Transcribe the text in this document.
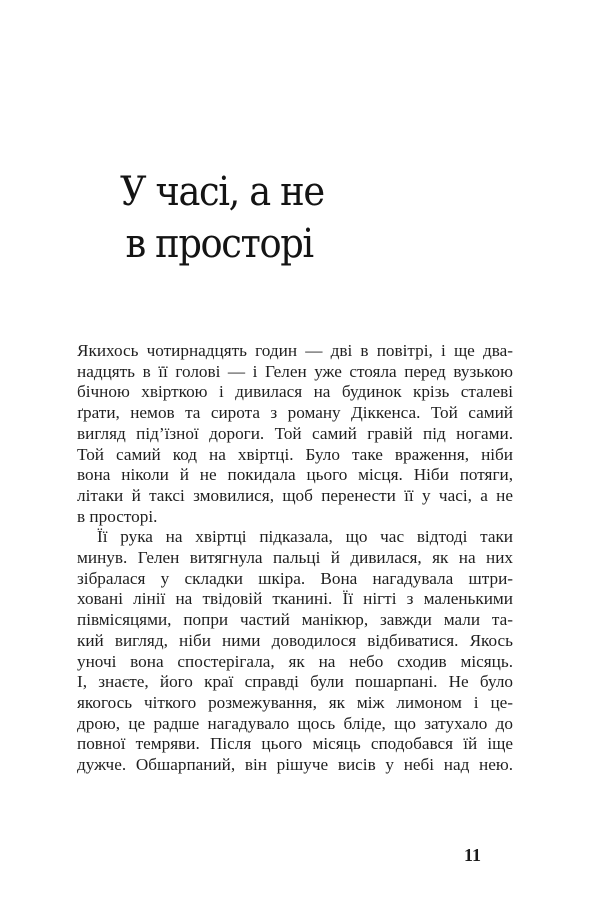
У часі, а не
в просторі
Якихось чотирнадцять годин — дві в повітрі, і ще два-
надцять в її голові — і Гелен уже стояла перед вузькою
бічною хвірткою і дивилася на будинок крізь сталеві
ґрати, немов та сирота з роману Діккенса. Той самий
вигляд під’їзної дороги. Той самий гравій під ногами.
Той самий код на хвіртці. Було таке враження, ніби
вона ніколи й не покидала цього місця. Ніби потяги,
літаки й таксі змовилися, щоб перенести її у часі, а не
в просторі.
Її рука на хвіртці підказала, що час відтоді таки
минув. Гелен витягнула пальці й дивилася, як на них
зібралася у складки шкіра. Вона нагадувала штри-
ховані лінії на твідовій тканині. Її нігті з маленькими
півмісяцями, попри частий манікюр, завжди мали та-
кий вигляд, ніби ними доводилося відбиватися. Якось
уночі вона спостерігала, як на небо сходив місяць.
І, знаєте, його краї справді були пошарпані. Не було
якогось чіткого розмежування, як між лимоном і це-
дрою, це радше нагадувало щось бліде, що затухало до
повної темряви. Після цього місяць сподобався їй іще
дужче. Обшарпаний, він рішуче висів у небі над нею.
11
